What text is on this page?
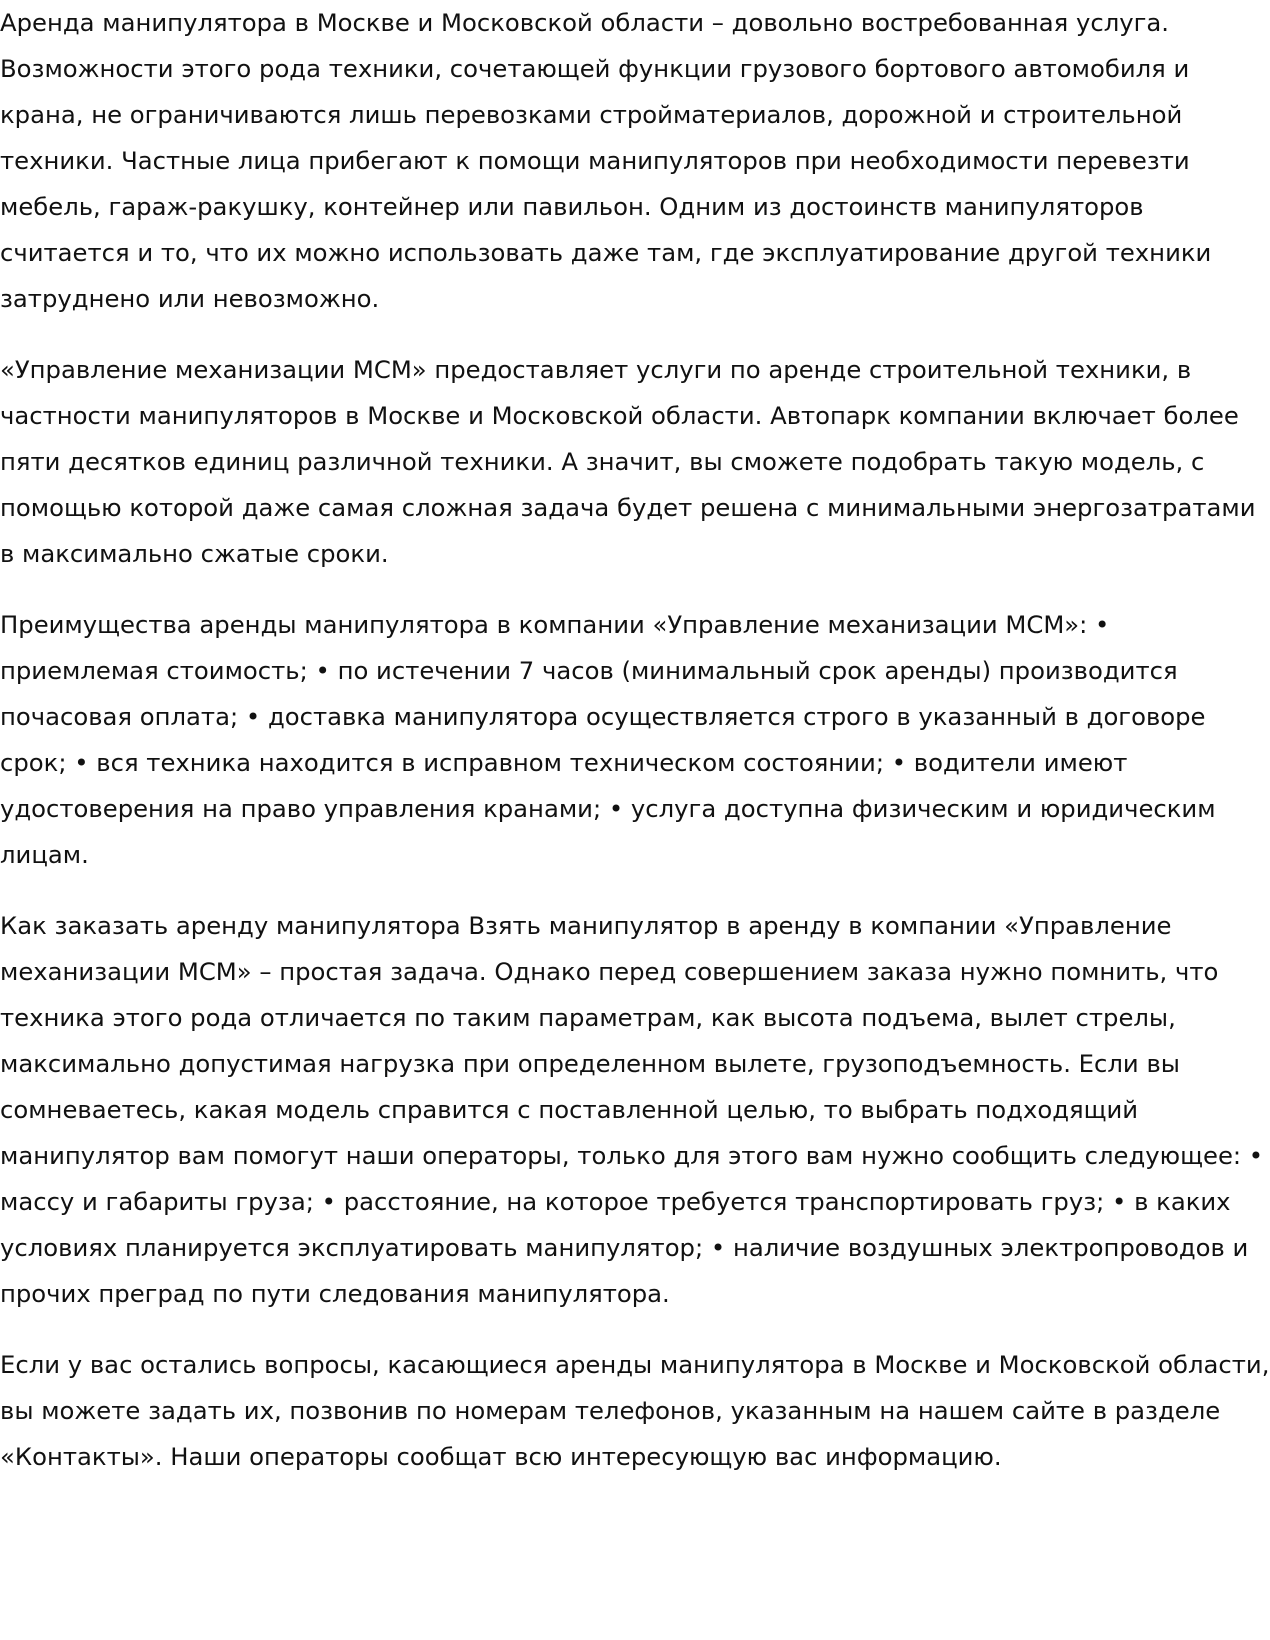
Аренда манипулятора в Москве и Московской области – довольно востребованная услуга. Возможности этого рода техники, сочетающей функции грузового бортового автомобиля и крана, не ограничиваются лишь перевозками стройматериалов, дорожной и строительной техники. Частные лица прибегают к помощи манипуляторов при необходимости перевезти мебель, гараж-ракушку, контейнер или павильон. Одним из достоинств манипуляторов считается и то, что их можно использовать даже там, где эксплуатирование другой техники затруднено или невозможно.

«Управление механизации МСМ» предоставляет услуги по аренде строительной техники, в частности манипуляторов в Москве и Московской области. Автопарк компании включает более пяти десятков единиц различной техники. А значит, вы сможете подобрать такую модель, с помощью которой даже самая сложная задача будет решена с минимальными энергозатратами в максимально сжатые сроки.

Преимущества аренды манипулятора в компании «Управление механизации МСМ»: • приемлемая стоимость; • по истечении 7 часов (минимальный срок аренды) производится почасовая оплата; • доставка манипулятора осуществляется строго в указанный в договоре срок; • вся техника находится в исправном техническом состоянии; • водители имеют удостоверения на право управления кранами; • услуга доступна физическим и юридическим лицам.

Как заказать аренду манипулятора Взять манипулятор в аренду в компании «Управление механизации МСМ» – простая задача. Однако перед совершением заказа нужно помнить, что техника этого рода отличается по таким параметрам, как высота подъема, вылет стрелы, максимально допустимая нагрузка при определенном вылете, грузоподъемность. Если вы сомневаетесь, какая модель справится с поставленной целью, то выбрать подходящий манипулятор вам помогут наши операторы, только для этого вам нужно сообщить следующее: • массу и габариты груза; • расстояние, на которое требуется транспортировать груз; • в каких условиях планируется эксплуатировать манипулятор; • наличие воздушных электропроводов и прочих преград по пути следования манипулятора.

Если у вас остались вопросы, касающиеся аренды манипулятора в Москве и Московской области, вы можете задать их, позвонив по номерам телефонов, указанным на нашем сайте в разделе «Контакты». Наши операторы сообщат всю интересующую вас информацию.
